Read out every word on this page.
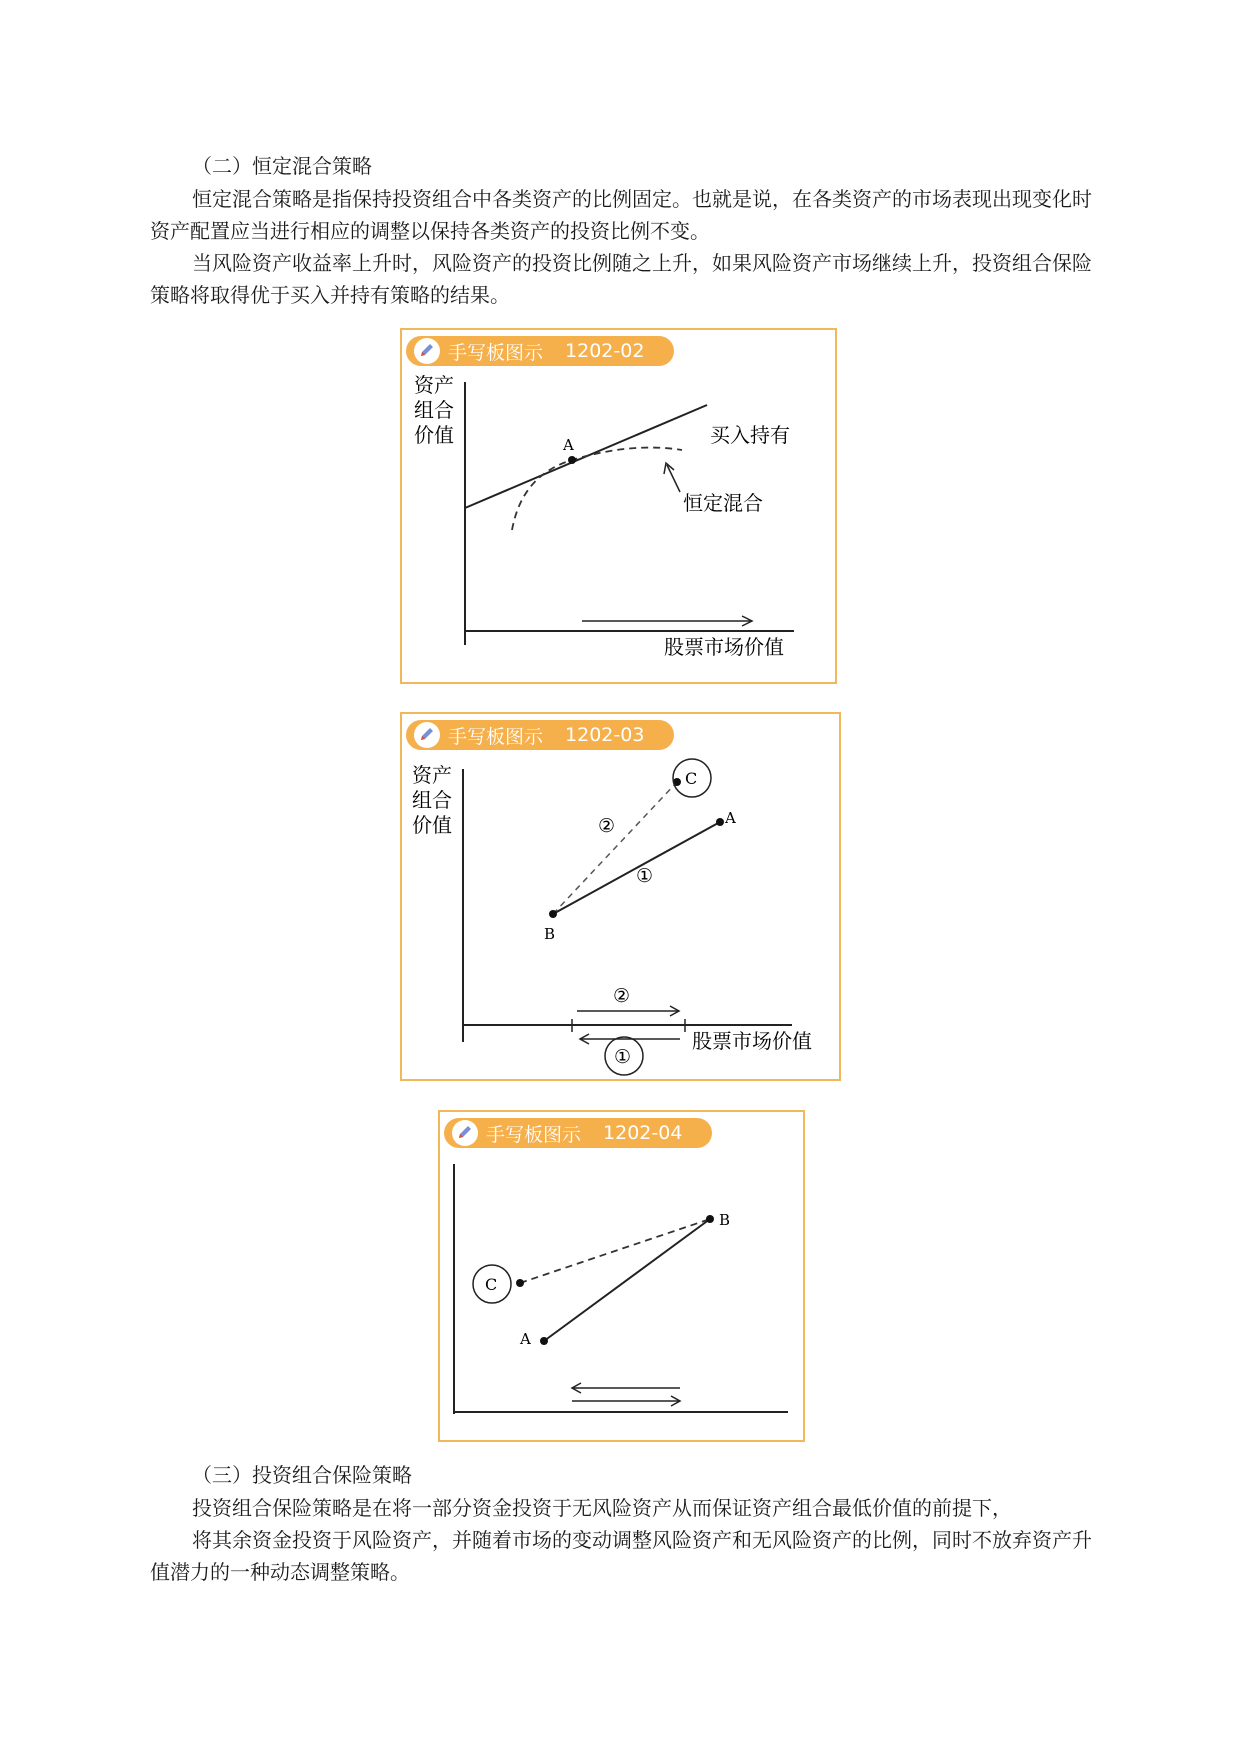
（二）恒定混合策略

恒定混合策略是指保持投资组合中各类资产的比例固定。也就是说，在各类资产的市场表现出现变化时资产配置应当进行相应的调整以保持各类资产的投资比例不变。

当风险资产收益率上升时，风险资产的投资比例随之上升，如果风险资产市场继续上升，投资组合保险策略将取得优于买入并持有策略的结果。

手写板图示 1202-02
A
资产
组合
价值	买入持有
恒定混合
股票市场价值
手写板图示 1202-03
②
①
C
A
B
②
①
资产
组合
价值
股票市场价值
手写板图示 1202-04
C
A
B

（三）投资组合保险策略

投资组合保险策略是在将一部分资金投资于无风险资产从而保证资产组合最低价值的前提下，

将其余资金投资于风险资产，并随着市场的变动调整风险资产和无风险资产的比例，同时不放弃资产升值潜力的一种动态调整策略。
